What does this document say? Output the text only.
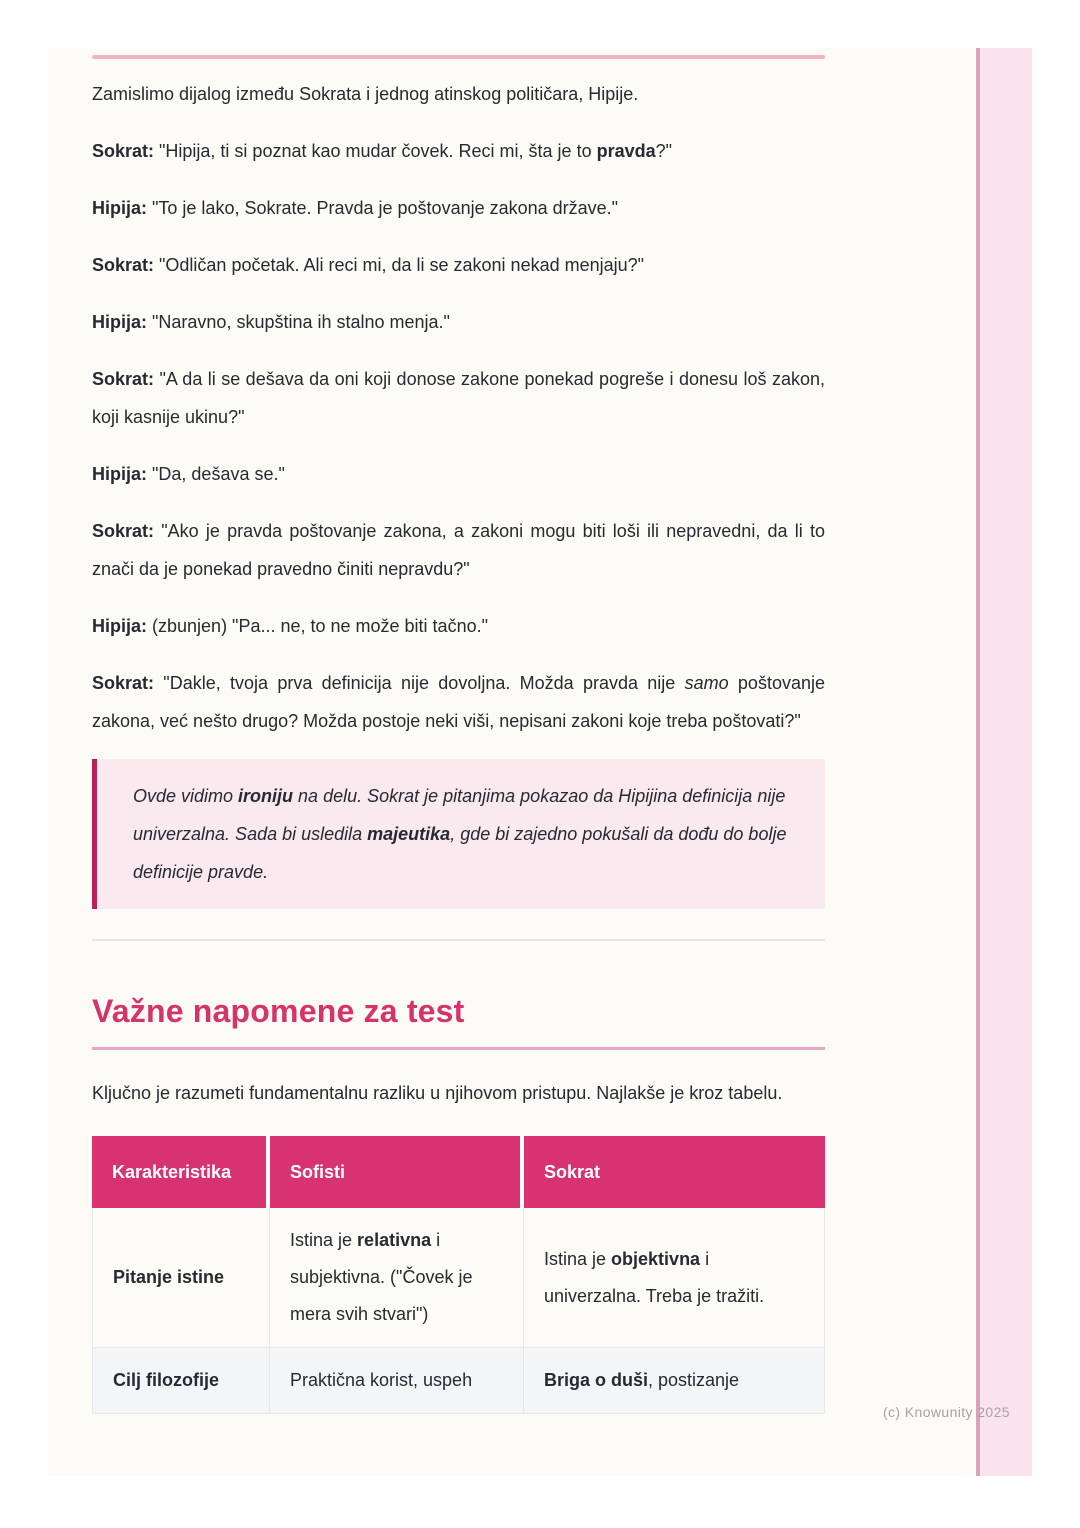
Zamislimo dijalog između Sokrata i jednog atinskog političara, Hipije.

Sokrat: "Hipija, ti si poznat kao mudar čovek. Reci mi, šta je to pravda?"

Hipija: "To je lako, Sokrate. Pravda je poštovanje zakona države."

Sokrat: "Odličan početak. Ali reci mi, da li se zakoni nekad menjaju?"

Hipija: "Naravno, skupština ih stalno menja."

Sokrat: "A da li se dešava da oni koji donose zakone ponekad pogreše i donesu loš zakon, koji kasnije ukinu?"

Hipija: "Da, dešava se."

Sokrat: "Ako je pravda poštovanje zakona, a zakoni mogu biti loši ili nepravedni, da li to znači da je ponekad pravedno činiti nepravdu?"

Hipija: (zbunjen) "Pa... ne, to ne može biti tačno."

Sokrat: "Dakle, tvoja prva definicija nije dovoljna. Možda pravda nije samo poštovanje zakona, već nešto drugo? Možda postoje neki viši, nepisani zakoni koje treba poštovati?"

Ovde vidimo ironiju na delu. Sokrat je pitanjima pokazao da Hipijina definicija nije univerzalna. Sada bi usledila majeutika, gde bi zajedno pokušali da dođu do bolje definicije pravde.

Važne napomene za test

Ključno je razumeti fundamentalnu razliku u njihovom pristupu. Najlakše je kroz tabelu.

Karakteristika	Sofisti	Sokrat
Pitanje istine	Istina je relativna i subjektivna. ("Čovek je mera svih stvari")	Istina je objektivna i univerzalna. Treba je tražiti.
Cilj filozofije	Praktična korist, uspeh	Briga o duši, postizanje
(c) Knowunity 2025
